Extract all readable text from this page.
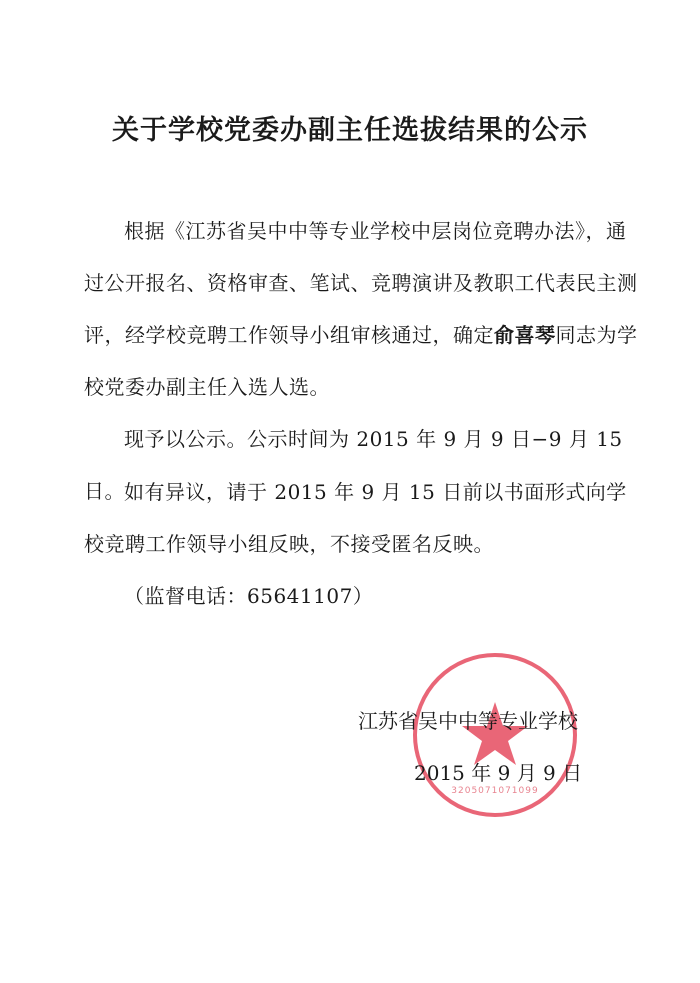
关于学校党委办副主任选拔结果的公示
根据《江苏省吴中中等专业学校中层岗位竞聘办法》，通过公开报名、资格审查、笔试、竞聘演讲及教职工代表民主测评，经学校竞聘工作领导小组审核通过，确定俞喜琴同志为学校党委办副主任入选人选。
现予以公示。公示时间为 2015 年 9 月 9 日−9 月 15 日。 如有异议，请于 2015 年 9 月 15 日前以书面形式向学校竞聘工作领导小组反映，不接受匿名反映。
（监督电话：65641107）
3205071071099
江苏省吴中中等专业学校
2015 年 9 月 9 日
